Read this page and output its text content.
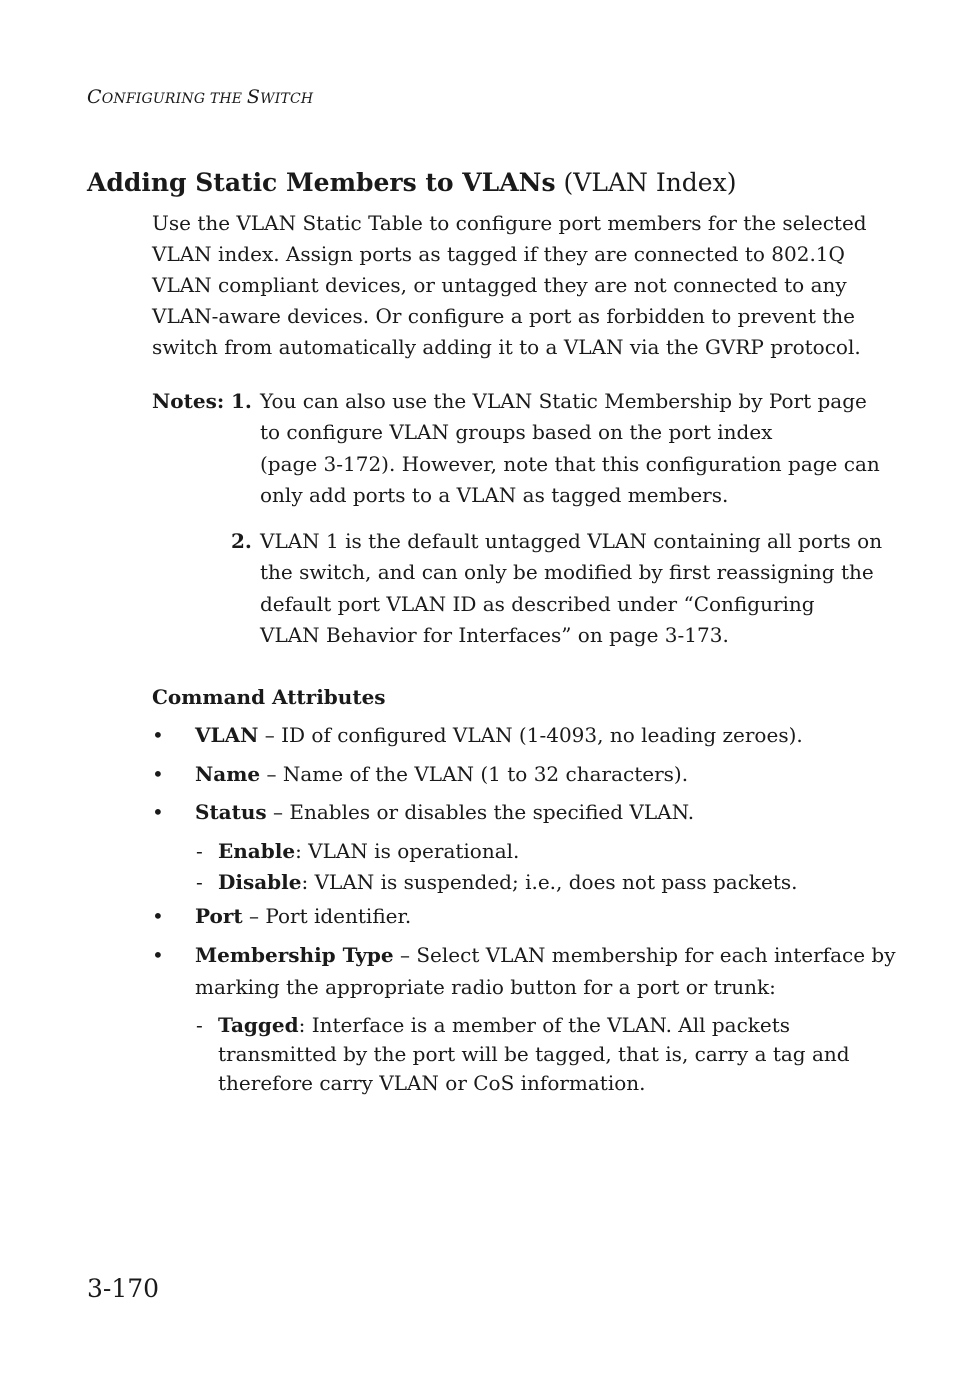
CONFIGURING THE SWITCH
Adding Static Members to VLANs (VLAN Index)
Use the VLAN Static Table to configure port members for the selected
VLAN index. Assign ports as tagged if they are connected to 802.1Q
VLAN compliant devices, or untagged they are not connected to any
VLAN-aware devices. Or configure a port as forbidden to prevent the
switch from automatically adding it to a VLAN via the GVRP protocol.
Notes: 1. You can also use the VLAN Static Membership by Port page
to configure VLAN groups based on the port index
(page 3-172). However, note that this configuration page can
only add ports to a VLAN as tagged members.
2. VLAN 1 is the default untagged VLAN containing all ports on
the switch, and can only be modified by first reassigning the
default port VLAN ID as described under “Configuring
VLAN Behavior for Interfaces” on page 3-173.
Command Attributes
• VLAN – ID of configured VLAN (1-4093, no leading zeroes).
• Name – Name of the VLAN (1 to 32 characters).
• Status – Enables or disables the specified VLAN.
- Enable: VLAN is operational.
- Disable: VLAN is suspended; i.e., does not pass packets.
• Port – Port identifier.
• Membership Type – Select VLAN membership for each interface by
marking the appropriate radio button for a port or trunk:
- Tagged: Interface is a member of the VLAN. All packets
transmitted by the port will be tagged, that is, carry a tag and
therefore carry VLAN or CoS information.
3-170
